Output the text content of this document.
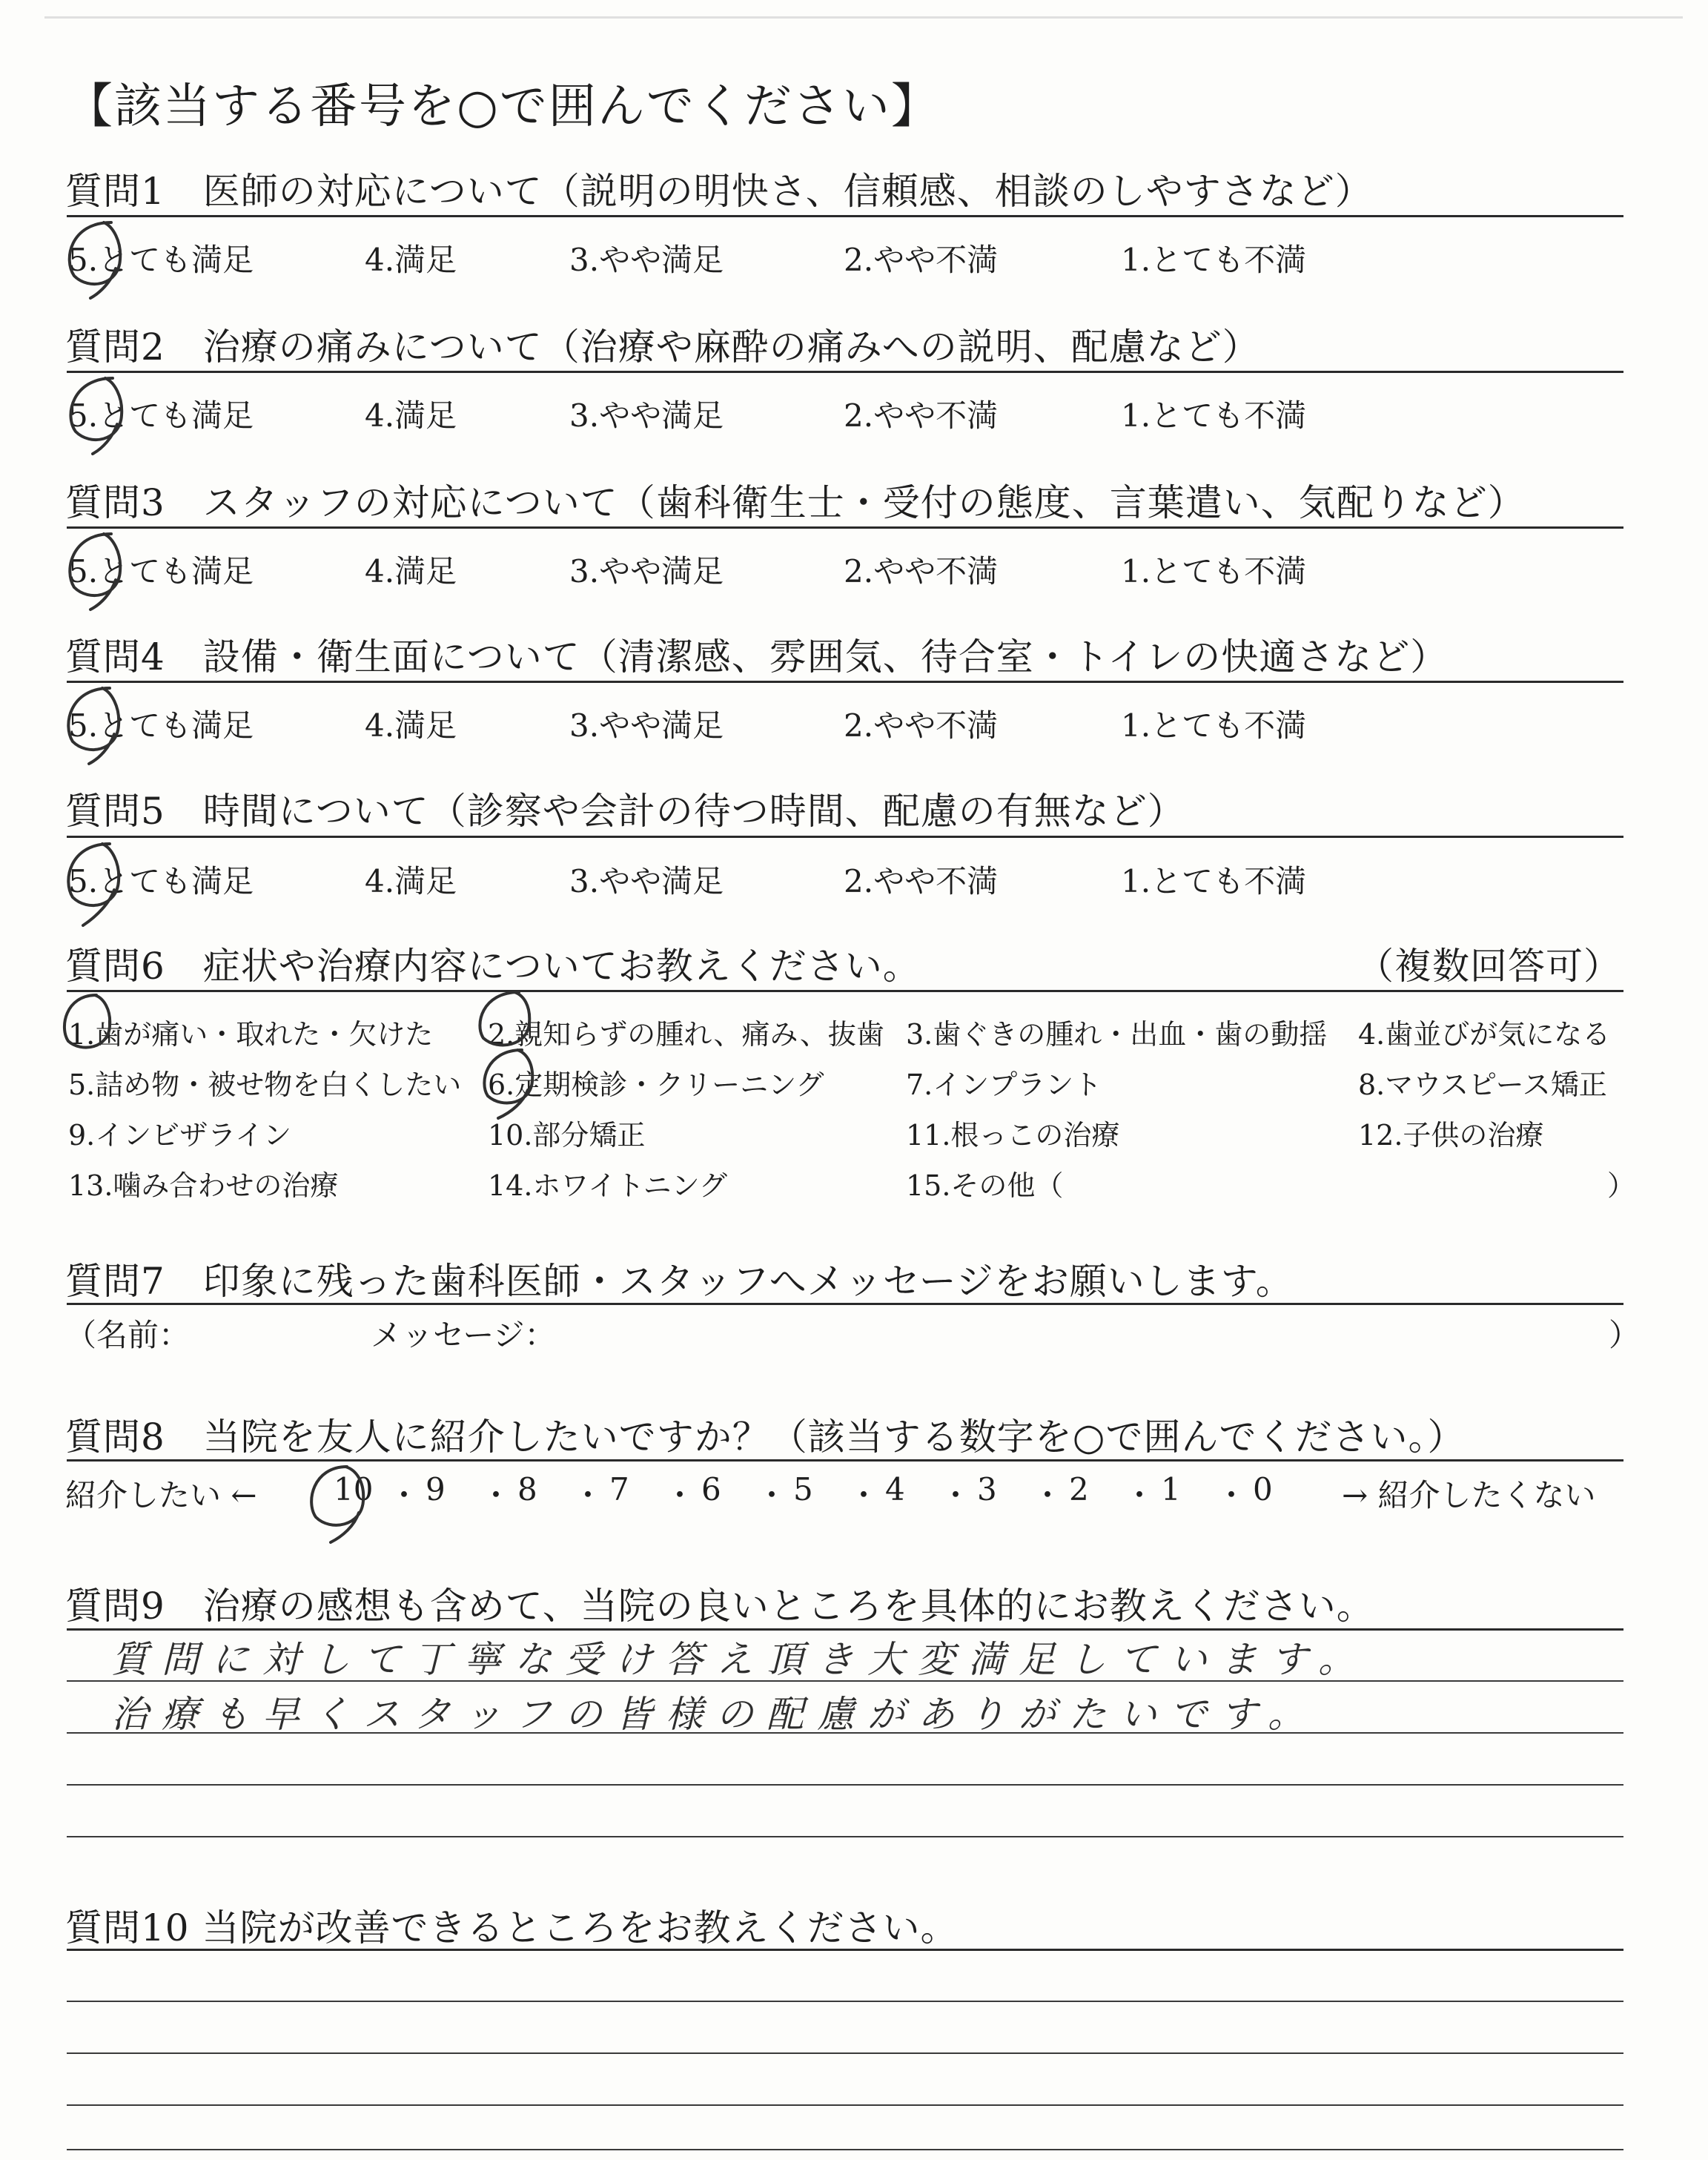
【該当する番号を○で囲んでください】
質問1　医師の対応について（説明の明快さ、信頼感、相談のしやすさなど）
質問2　治療の痛みについて（治療や麻酔の痛みへの説明、配慮など）
質問3　スタッフの対応について（歯科衛生士・受付の態度、言葉遣い、気配りなど）
質問4　設備・衛生面について（清潔感、雰囲気、待合室・トイレの快適さなど）
質問5　時間について（診察や会計の待つ時間、配慮の有無など）
5.とても満足	4.満足	3.やや満足	2.やや不満	1.とても不満
5.とても満足	4.満足	3.やや満足	2.やや不満	1.とても不満
5.とても満足	4.満足	3.やや満足	2.やや不満	1.とても不満
5.とても満足	4.満足	3.やや満足	2.やや不満	1.とても不満
5.とても満足	4.満足	3.やや満足	2.やや不満	1.とても不満
質問6　症状や治療内容についてお教えください。	（複数回答可）
1.歯が痛い・取れた・欠けた 2.親知らずの腫れ、痛み、抜歯 3.歯ぐきの腫れ・出血・歯の動揺 4.歯並びが気になる
5.詰め物・被せ物を白くしたい 6.定期検診・クリーニング	7.インプラント	8.マウスピース矯正
9.インビザライン	10.部分矯正	11.根っこの治療	12.子供の治療
13.噛み合わせの治療	14.ホワイトニング	15.その他（	）
質問7　印象に残った歯科医師・スタッフへメッセージをお願いします。
（名前：	メッセージ：	）
質問8　当院を友人に紹介したいですか？（該当する数字を○で囲んでください。）
紹介したい ←	→ 紹介したくない
10 ・ 9 ・ 8 ・ 7 ・ 6 ・ 5 ・ 4 ・ 3 ・ 2 ・ 1 ・ 0
質問9　治療の感想も含めて、当院の良いところを具体的にお教えください。
質問に対して丁寧な受け答え頂き大変満足しています。
治療も早くスタッフの皆様の配慮がありがたいです。
質問10 当院が改善できるところをお教えください。
